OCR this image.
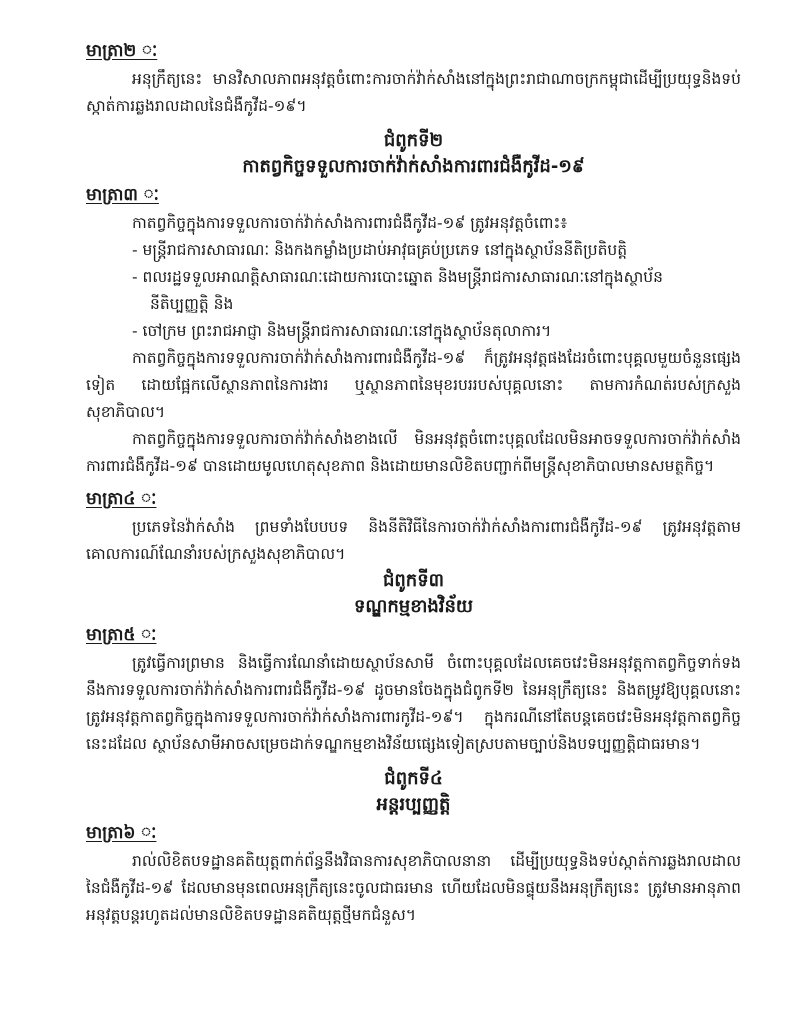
មាត្រា២ ៈ

អនុក្រឹត្យនេះ មានវិសាលភាពអនុវត្តចំពោះការចាក់វ៉ាក់សាំងនៅក្នុងព្រះរាជាណាចក្រកម្ពុជាដើម្បីប្រយុទ្ធនិងទប់ស្កាត់ការឆ្លងរាលដាលនៃជំងឺកូវីដ-១៩។

ជំពូកទី២

កាតព្វកិច្ចទទួលការចាក់វ៉ាក់សាំងការពារជំងឺកូវីដ-១៩

មាត្រា៣ ៈ

កាតព្វកិច្ចក្នុងការទទួលការចាក់វ៉ាក់សាំងការពារជំងឺកូវីដ-១៩ ត្រូវអនុវត្តចំពោះ៖

- មន្ត្រីរាជការសាធារណៈ និងកងកម្លាំងប្រដាប់អាវុធគ្រប់ប្រភេទ នៅក្នុងស្ថាប័ននីតិប្រតិបត្តិ

- ពលរដ្ឋទទួលអាណត្តិសាធារណៈដោយការបោះឆ្នោត និងមន្ត្រីរាជការសាធារណៈនៅក្នុងស្ថាប័ន

នីតិប្បញ្ញត្តិ និង

- ចៅក្រម ព្រះរាជអាជ្ញា និងមន្ត្រីរាជការសាធារណៈនៅក្នុងស្ថាប័នតុលាការ។

កាតព្វកិច្ចក្នុងការទទួលការចាក់វ៉ាក់សាំងការពារជំងឺកូវីដ-១៩ ក៏ត្រូវអនុវត្តផងដែរចំពោះបុគ្គលមួយចំនួនផ្សេងទៀត ដោយផ្អែកលើស្ថានភាពនៃការងារ ឬស្ថានភាពនៃមុខរបររបស់បុគ្គលនោះ តាមការកំណត់របស់ក្រសួងសុខាភិបាល។

កាតព្វកិច្ចក្នុងការទទួលការចាក់វ៉ាក់សាំងខាងលើ មិនអនុវត្តចំពោះបុគ្គលដែលមិនអាចទទួលការចាក់វ៉ាក់សាំងការពារជំងឺកូវីដ-១៩ បានដោយមូលហេតុសុខភាព និងដោយមានលិខិតបញ្ជាក់ពីមន្ត្រីសុខាភិបាលមានសមត្ថកិច្ច។

មាត្រា៤ ៈ

ប្រភេទនៃវ៉ាក់សាំង ព្រមទាំងបែបបទ និងនីតិវិធីនៃការចាក់វ៉ាក់សាំងការពារជំងឺកូវីដ-១៩ ត្រូវអនុវត្តតាមគោលការណ៍ណែនាំរបស់ក្រសួងសុខាភិបាល។

ជំពូកទី៣

ទណ្ឌកម្មខាងវិន័យ

មាត្រា៥ ៈ

ត្រូវធ្វើការព្រមាន និងធ្វើការណែនាំដោយស្ថាប័នសាមី ចំពោះបុគ្គលដែលគេចវេះមិនអនុវត្តកាតព្វកិច្ចទាក់ទងនឹងការទទួលការចាក់វ៉ាក់សាំងការពារជំងឺកូវីដ-១៩ ដូចមានចែងក្នុងជំពូកទី២ នៃអនុក្រឹត្យនេះ និងតម្រូវឱ្យបុគ្គលនោះត្រូវអនុវត្តកាតព្វកិច្ចក្នុងការទទួលការចាក់វ៉ាក់សាំងការពារកូវីដ-១៩។ ក្នុងករណីនៅតែបន្តគេចវេះមិនអនុវត្តកាតព្វកិច្ចនេះដដែល ស្ថាប័នសាមីអាចសម្រេចដាក់ទណ្ឌកម្មខាងវិន័យផ្សេងទៀតស្របតាមច្បាប់និងបទប្បញ្ញត្តិជាធរមាន។

ជំពូកទី៤

អន្តរប្បញ្ញត្តិ

មាត្រា៦ ៈ

រាល់លិខិតបទដ្ឋានគតិយុត្តពាក់ព័ន្ធនឹងវិធានការសុខាភិបាលនានា ដើម្បីប្រយុទ្ធនិងទប់ស្កាត់ការឆ្លងរាលដាលនៃជំងឺកូវីដ-១៩ ដែលមានមុនពេលអនុក្រឹត្យនេះចូលជាធរមាន ហើយដែលមិនផ្ទុយនឹងអនុក្រឹត្យនេះ ត្រូវមានអានុភាពអនុវត្តបន្តរហូតដល់មានលិខិតបទដ្ឋានគតិយុត្តថ្មីមកជំនួស។
